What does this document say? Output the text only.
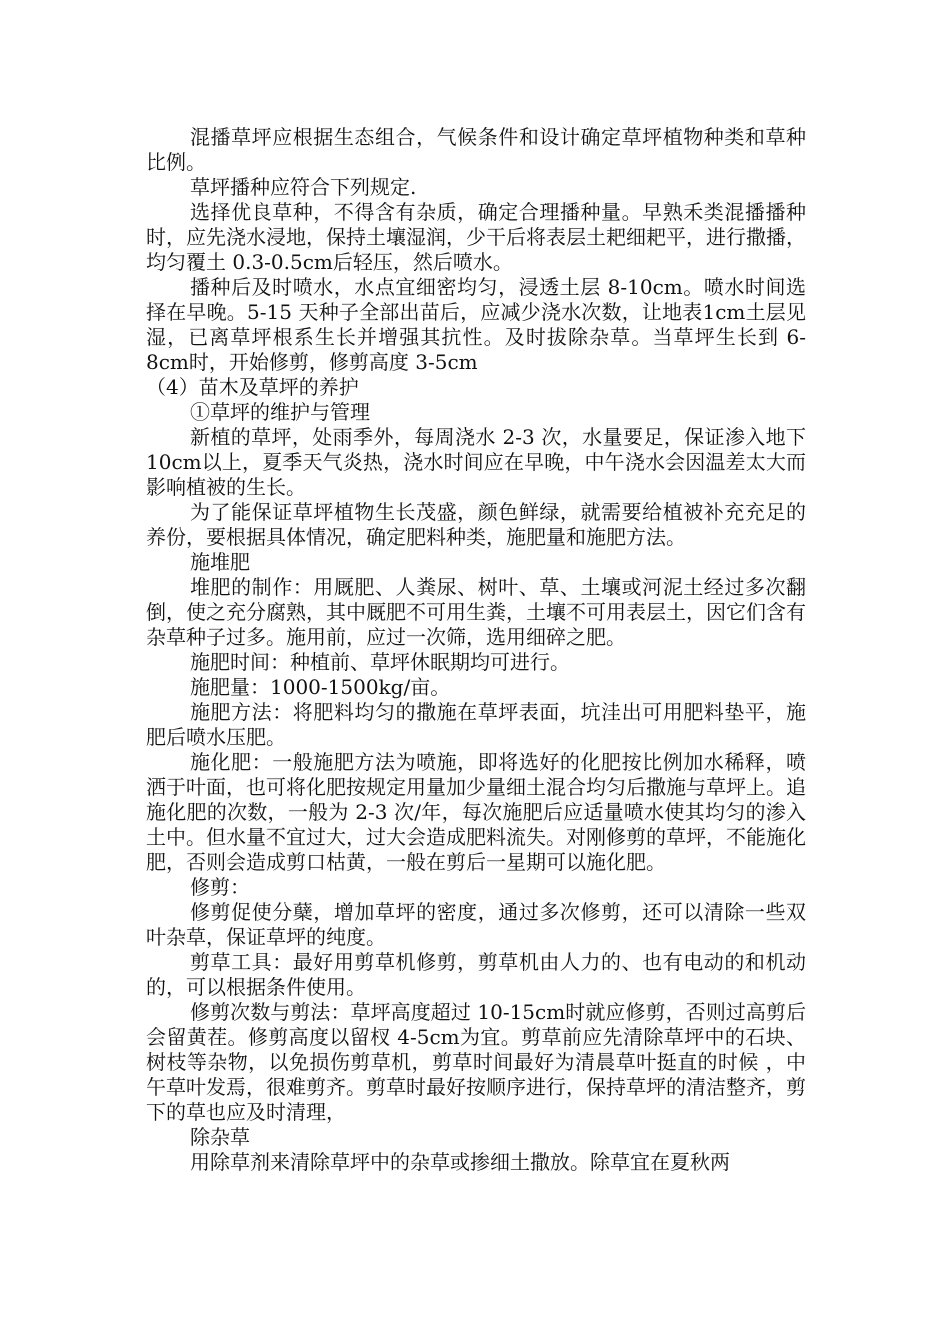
混播草坪应根据生态组合，气候条件和设计确定草坪植物种类和草种比例。

草坪播种应符合下列规定.

选择优良草种，不得含有杂质，确定合理播种量。早熟禾类混播播种时，应先浇水浸地，保持土壤湿润，少干后将表层土耙细耙平，进行撒播，均匀覆土 0.3-0.5cm后轻压，然后喷水。

播种后及时喷水，水点宜细密均匀，浸透土层 8-10cm。喷水时间选择在早晚。5-15 天种子全部出苗后，应减少浇水次数，让地表1cm土层见湿，已离草坪根系生长并增强其抗性。及时拔除杂草。当草坪生长到 6-8cm时，开始修剪，修剪高度 3-5cm

（4）苗木及草坪的养护

①草坪的维护与管理

新植的草坪，处雨季外，每周浇水 2-3 次，水量要足，保证渗入地下 10cm以上，夏季天气炎热，浇水时间应在早晚，中午浇水会因温差太大而影响植被的生长。

为了能保证草坪植物生长茂盛，颜色鲜绿，就需要给植被补充充足的养份，要根据具体情况，确定肥料种类，施肥量和施肥方法。

施堆肥

堆肥的制作：用厩肥、人粪尿、树叶、草、土壤或河泥土经过多次翻倒，使之充分腐熟，其中厩肥不可用生粪，土壤不可用表层土，因它们含有杂草种子过多。施用前，应过一次筛，选用细碎之肥。

施肥时间：种植前、草坪休眠期均可进行。

施肥量：1000-1500kg/亩。

施肥方法：将肥料均匀的撒施在草坪表面，坑洼出可用肥料垫平，施肥后喷水压肥。

施化肥：一般施肥方法为喷施，即将选好的化肥按比例加水稀释，喷洒于叶面，也可将化肥按规定用量加少量细土混合均匀后撒施与草坪上。追施化肥的次数，一般为 2-3 次/年，每次施肥后应适量喷水使其均匀的渗入土中。但水量不宜过大，过大会造成肥料流失。对刚修剪的草坪，不能施化肥，否则会造成剪口枯黄，一般在剪后一星期可以施化肥。

修剪：

修剪促使分蘖，增加草坪的密度，通过多次修剪，还可以清除一些双叶杂草，保证草坪的纯度。

剪草工具：最好用剪草机修剪，剪草机由人力的、也有电动的和机动的，可以根据条件使用。

修剪次数与剪法：草坪高度超过 10-15cm时就应修剪，否则过高剪后会留黄茬。修剪高度以留杈 4-5cm为宜。剪草前应先清除草坪中的石块、树枝等杂物，以免损伤剪草机，剪草时间最好为清晨草叶挺直的时候 ，中午草叶发焉，很难剪齐。剪草时最好按顺序进行，保持草坪的清洁整齐，剪下的草也应及时清理，

除杂草

用除草剂来清除草坪中的杂草或掺细土撒放。除草宜在夏秋两
